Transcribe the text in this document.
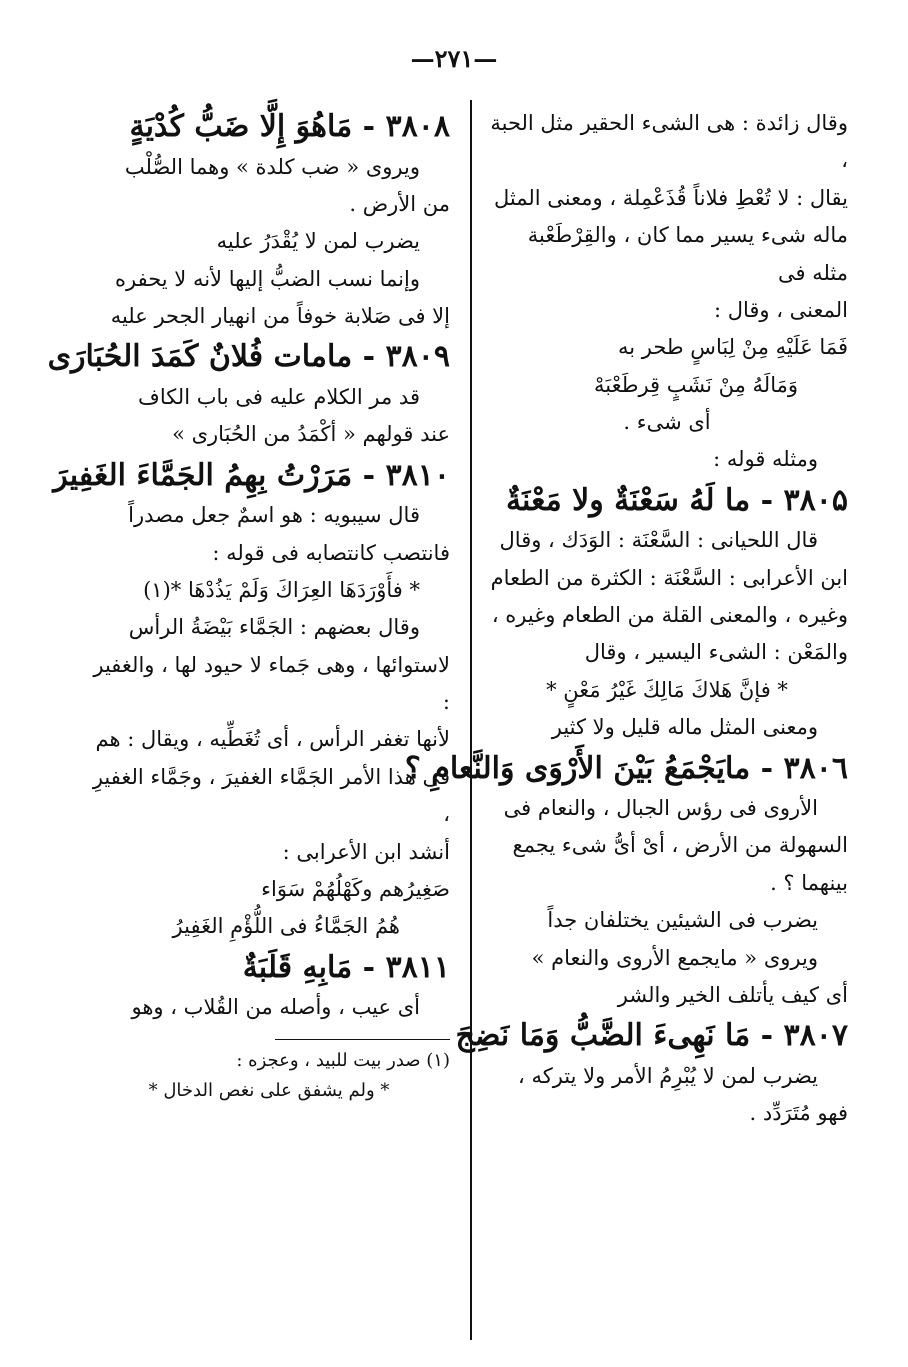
—۲۷۱—

وقال زائدة : هى الشىء الحقير مثل الحبة ،

يقال : لا تُعْطِ فلاناً قُذَعْمِلة ، ومعنى المثل

ماله شىء يسير مما كان ، والقِرْطَعْبة مثله فى

المعنى ، وقال :

فَمَا عَلَيْهِ مِنْ لِبَاسٍ طحر به

وَمَالَهُ مِنْ نَشَبٍ قِرطَعْبَهْ

أى شىء .

ومثله قوله :

۳۸۰۵ - ما لَهُ سَعْنَةٌ ولا مَعْنَةٌ

قال اللحيانى : السَّعْنَة : الوَدَك ، وقال

ابن الأعرابى : السَّعْنَة : الكثرة من الطعام

وغيره ، والمعنى القلة من الطعام وغيره ،

والمَعْن : الشىء اليسير ، وقال

* فإنَّ هَلاكَ مَالِكَ غَيْرُ مَعْنٍ *

ومعنى المثل ماله قليل ولا كثير

۳۸۰٦ - مايَجْمَعُ بَيْنَ الأَرْوَى وَالنَّعامِ ؟

الأروى فى رؤس الجبال ، والنعام فى

السهولة من الأرض ، أىْ أىُّ شىء يجمع

بينهما ؟ .

يضرب فى الشيئين يختلفان جداً

ويروى « مايجمع الأروى والنعام »

أى كيف يأتلف الخير والشر

۳۸۰۷ - مَا نَهِىءَ الضَّبُّ وَمَا نَضِجَ

يضرب لمن لا يُبْرِمُ الأمر ولا يتركه ،

فهو مُتَرَدِّد .

۳۸۰۸ - مَاهُوَ إِلَّا ضَبُّ كُدْيَةٍ

ويروى « ضب كلدة » وهما الصُّلْب

من الأرض .

يضرب لمن لا يُقْدَرُ عليه

وإنما نسب الضبُّ إليها لأنه لا يحفره

إلا فى صَلابة خوفاً من انهيار الجحر عليه

۳۸۰۹ - مامات فُلانٌ كَمَدَ الحُبَارَى

قد مر الكلام عليه فى باب الكاف

عند قولهم « أكْمَدُ من الحُبَارى »

۳۸۱۰ - مَرَرْتُ بِهِمُ الجَمَّاءَ الغَفِيرَ

قال سيبويه : هو اسمٌ جعل مصدراً

فانتصب كانتصابه فى قوله :

* فأَوْرَدَهَا العِرَاكَ وَلَمْ يَذُدْهَا *(۱)

وقال بعضهم : الجَمَّاء بَيْضَةُ الرأس

لاستوائها ، وهى جَماء لا حيود لها ، والغفير :

لأنها تغفر الرأس ، أى تُغَطِّيه ، ويقال : هم

فى هذا الأمر الجَمَّاء الغفيرَ ، وجَمَّاء الغفيرِ ،

أنشد ابن الأعرابى :

صَغِيرُهم وكَهْلُهُمْ سَوَاء

هُمُ الجَمَّاءُ فى اللُّؤْمِ الغَفِيرُ

۳۸۱۱ - مَابِهِ قَلَبَةٌ

أى عيب ، وأصله من القُلاب ، وهو

(۱) صدر بيت للبيد ، وعجزه :

* ولم يشفق على نغص الدخال *
